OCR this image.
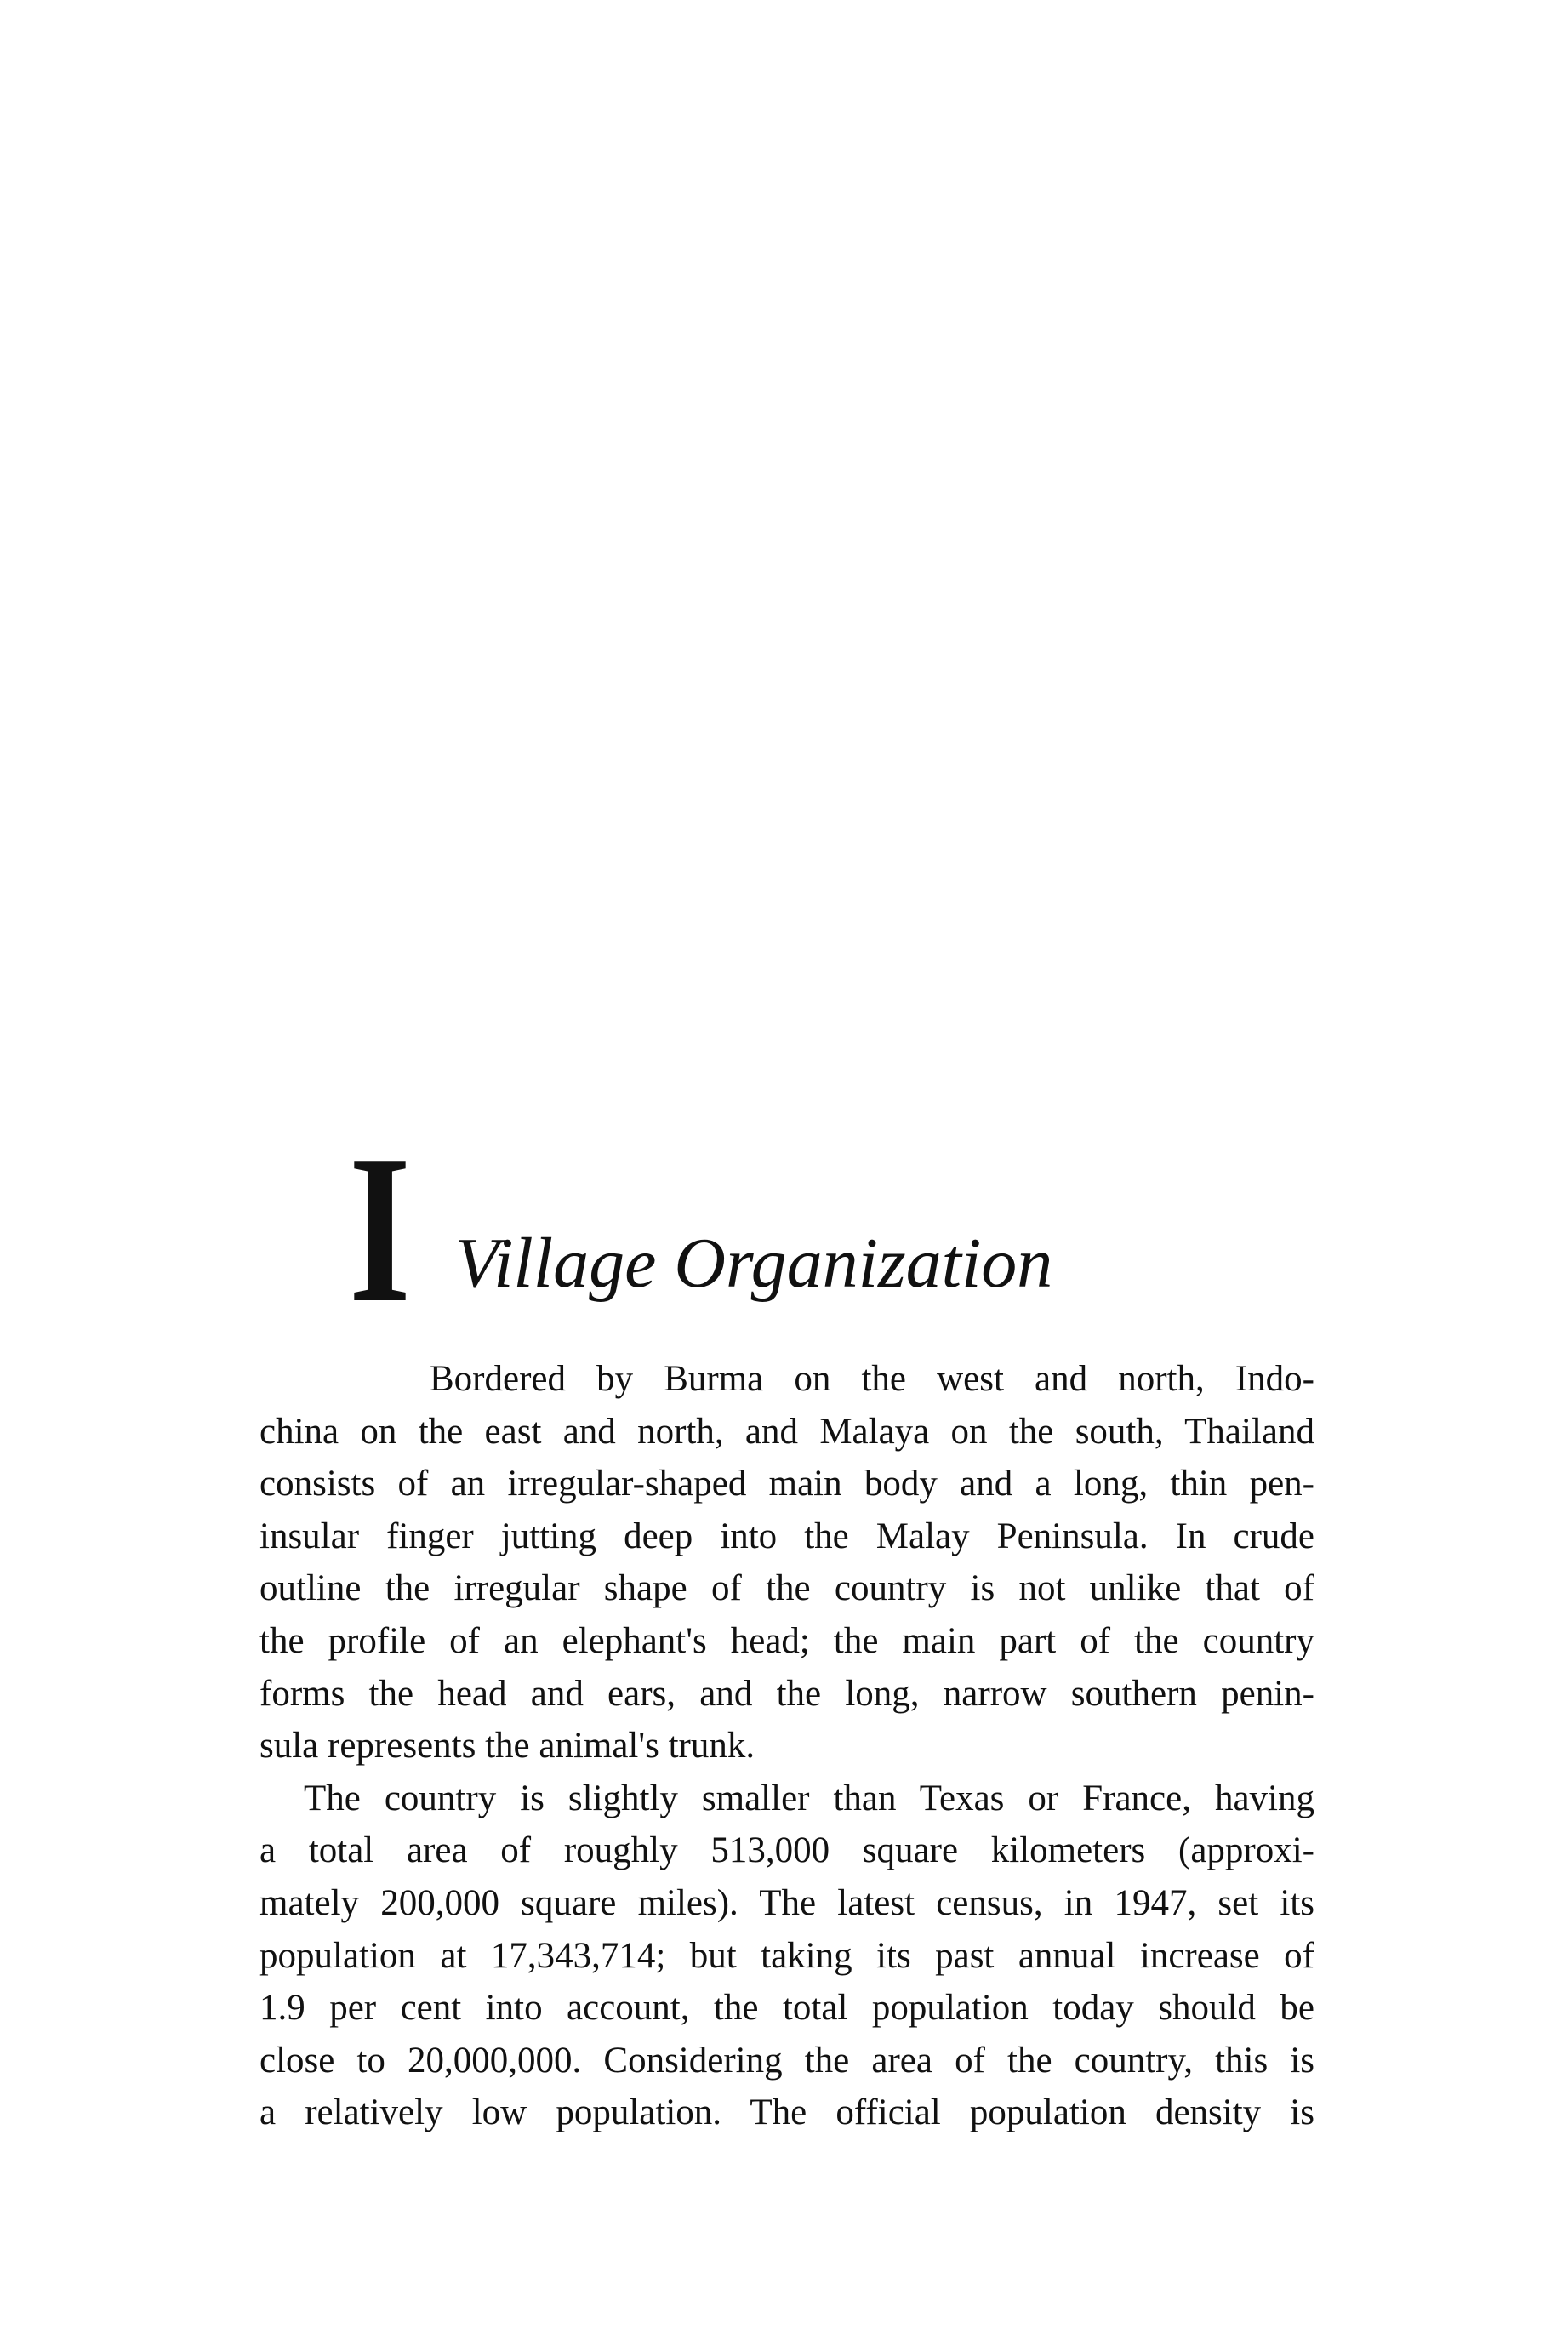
I Village Organization
Bordered by Burma on the west and north, Indo-
china on the east and north, and Malaya on the south, Thailand
consists of an irregular-shaped main body and a long, thin pen-
insular finger jutting deep into the Malay Peninsula. In crude
outline the irregular shape of the country is not unlike that of
the profile of an elephant's head; the main part of the country
forms the head and ears, and the long, narrow southern penin-
sula represents the animal's trunk.
The country is slightly smaller than Texas or France, having
a total area of roughly 513,000 square kilometers (approxi-
mately 200,000 square miles). The latest census, in 1947, set its
population at 17,343,714; but taking its past annual increase of
1.9 per cent into account, the total population today should be
close to 20,000,000. Considering the area of the country, this is
a relatively low population. The official population density is
